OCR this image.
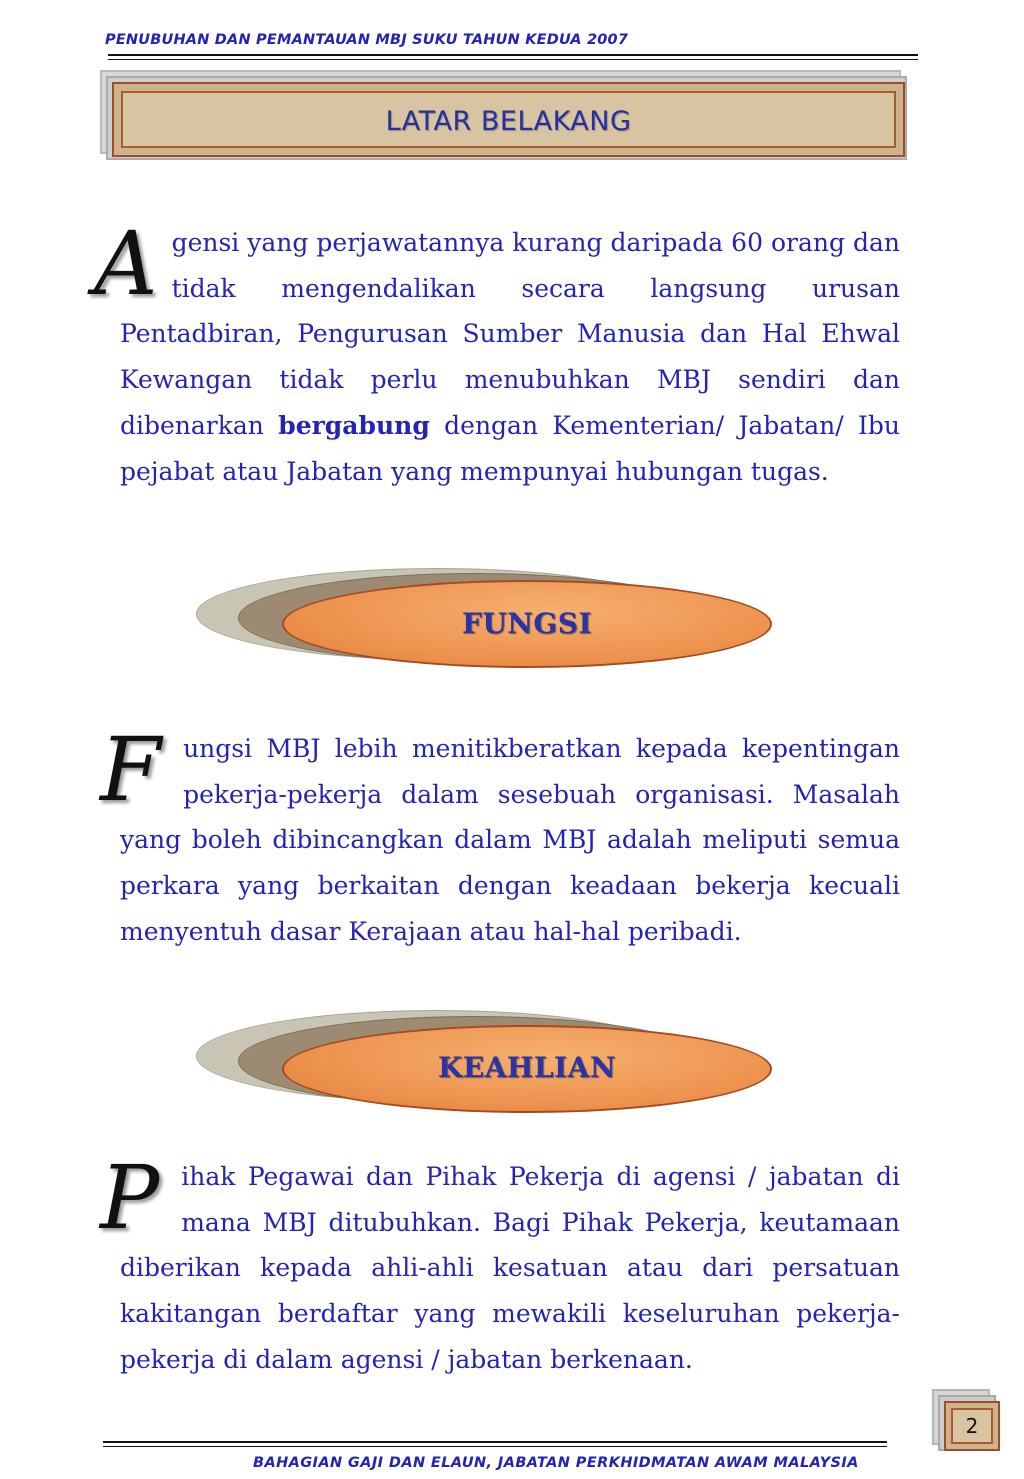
PENUBUHAN DAN PEMANTAUAN MBJ SUKU TAHUN KEDUA 2007
LATAR BELAKANG
Agensi yang perjawatannya kurang daripada 60 orang dan tidak mengendalikan secara langsung urusan Pentadbiran, Pengurusan Sumber Manusia dan Hal Ehwal Kewangan tidak perlu menubuhkan MBJ sendiri dan dibenarkan bergabung dengan Kementerian/ Jabatan/ Ibu pejabat atau Jabatan yang mempunyai hubungan tugas.
FUNGSI
Fungsi MBJ lebih menitikberatkan kepada kepentingan pekerja-pekerja dalam sesebuah organisasi. Masalah yang boleh dibincangkan dalam MBJ adalah meliputi semua perkara yang berkaitan dengan keadaan bekerja kecuali menyentuh dasar Kerajaan atau hal-hal peribadi.
KEAHLIAN
Pihak Pegawai dan Pihak Pekerja di agensi / jabatan di mana MBJ ditubuhkan. Bagi Pihak Pekerja, keutamaan diberikan kepada ahli-ahli kesatuan atau dari persatuan kakitangan berdaftar yang mewakili keseluruhan pekerja-pekerja di dalam agensi / jabatan berkenaan.
2
BAHAGIAN GAJI DAN ELAUN, JABATAN PERKHIDMATAN AWAM MALAYSIA
